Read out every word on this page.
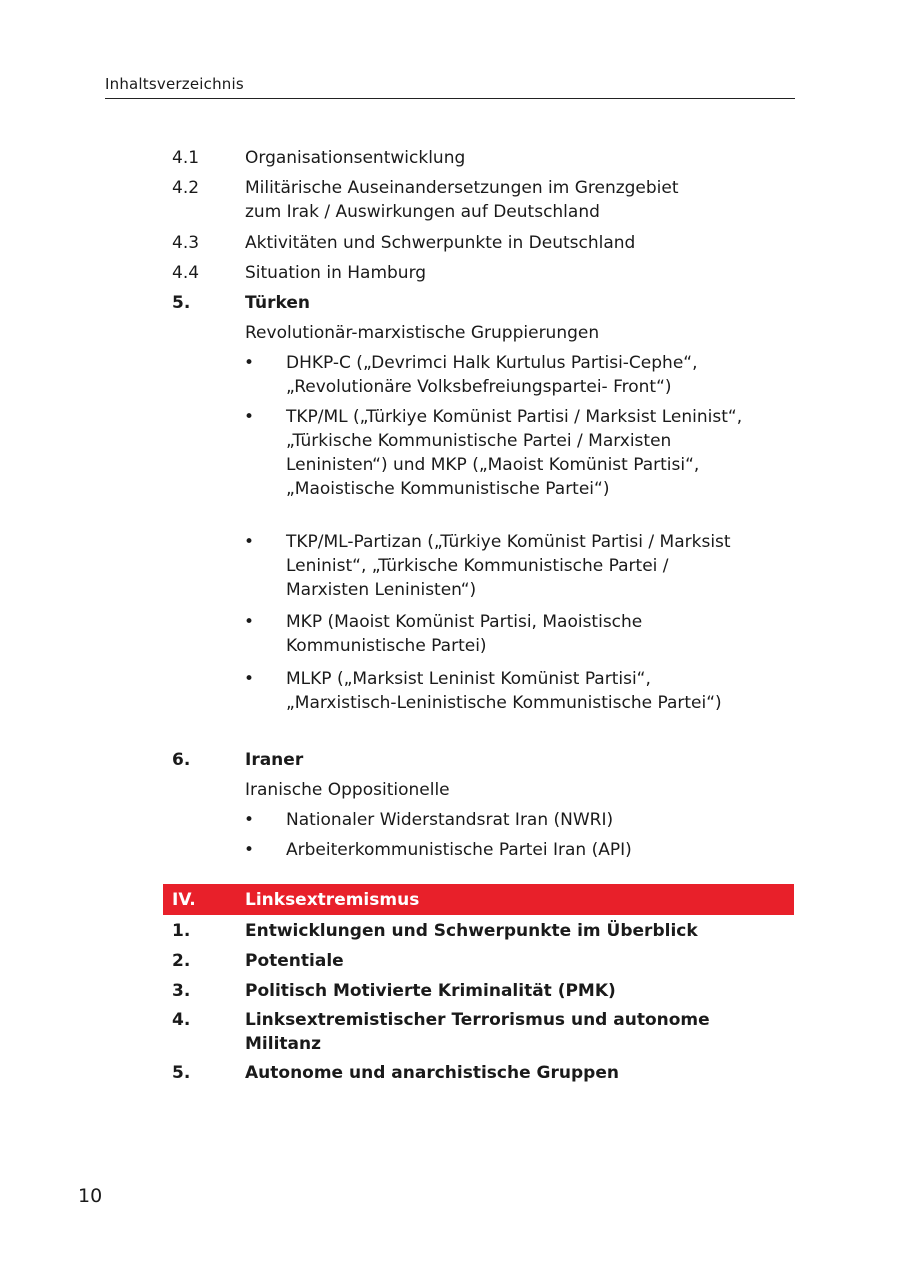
Inhaltsverzeichnis
4.1	Organisationsentwicklung
4.2	Militärische Auseinandersetzungen im Grenzgebiet zum Irak / Auswirkungen auf Deutschland
4.3	Aktivitäten und Schwerpunkte in Deutschland
4.4	Situation in Hamburg
5.	Türken
Revolutionär-marxistische Gruppierungen
• DHKP-C („Devrimci Halk Kurtulus Partisi-Cephe“, „Revolutionäre Volksbefreiungspartei- Front“)
• TKP/ML („Türkiye Komünist Partisi / Marksist Leninist“, „Türkische Kommunistische Partei / Marxisten Leninisten“) und MKP („Maoist Komünist Partisi“, „Maoistische Kommunistische Partei“)
• TKP/ML-Partizan („Türkiye Komünist Partisi / Marksist Leninist“, „Türkische Kommunistische Partei / Marxisten Leninisten“)
• MKP (Maoist Komünist Partisi, Maoistische Kommunistische Partei)
• MLKP („Marksist Leninist Komünist Partisi“, „Marxistisch-Leninistische Kommunistische Partei“)
6.	Iraner
Iranische Oppositionelle
• Nationaler Widerstandsrat Iran (NWRI)
• Arbeiterkommunistische Partei Iran (API)
IV.	Linksextremismus
1.	Entwicklungen und Schwerpunkte im Überblick
2.	Potentiale
3.	Politisch Motivierte Kriminalität (PMK)
4.	Linksextremistischer Terrorismus und autonome Militanz
5.	Autonome und anarchistische Gruppen
10
